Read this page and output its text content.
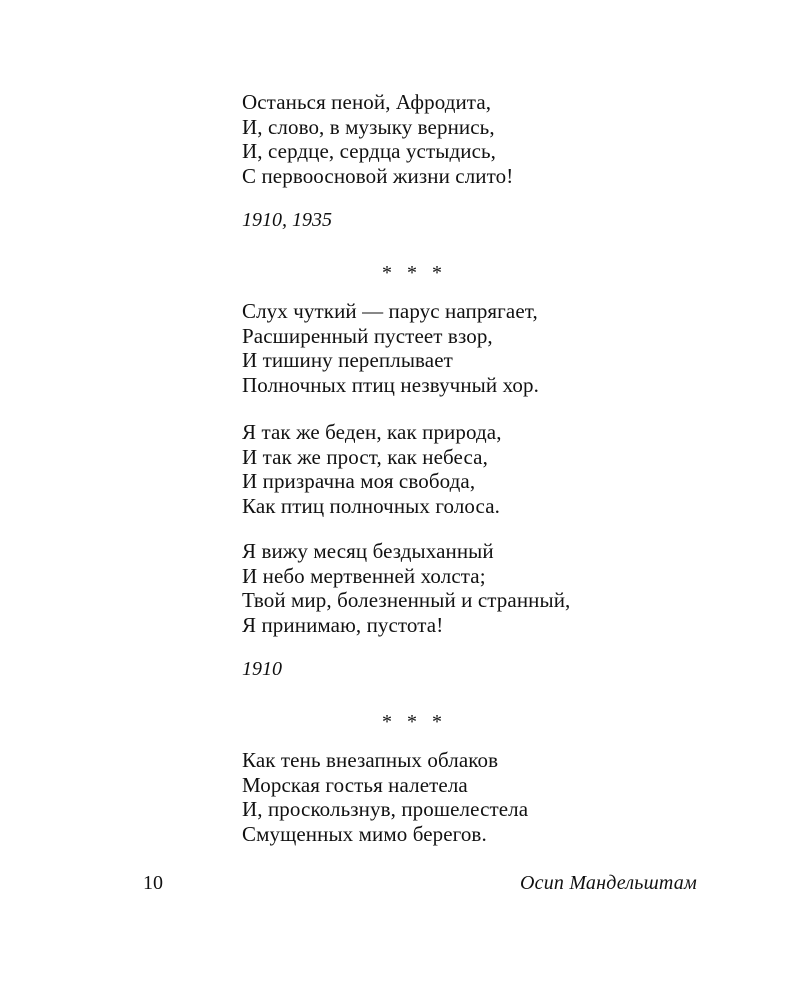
Останься пеной, Афродита,
И, слово, в музыку вернись,
И, сердце, сердца устыдись,
С первоосновой жизни слито!
1910, 1935
*   *   *
Слух чуткий — парус напрягает,
Расширенный пустеет взор,
И тишину переплывает
Полночных птиц незвучный хор.
Я так же беден, как природа,
И так же прост, как небеса,
И призрачна моя свобода,
Как птиц полночных голоса.
Я вижу месяц бездыханный
И небо мертвенней холста;
Твой мир, болезненный и странный,
Я принимаю, пустота!
1910
*   *   *
Как тень внезапных облаков
Морская гостья налетела
И, проскользнув, прошелестела
Смущенных мимо берегов.
10	Осип Мандельштам
